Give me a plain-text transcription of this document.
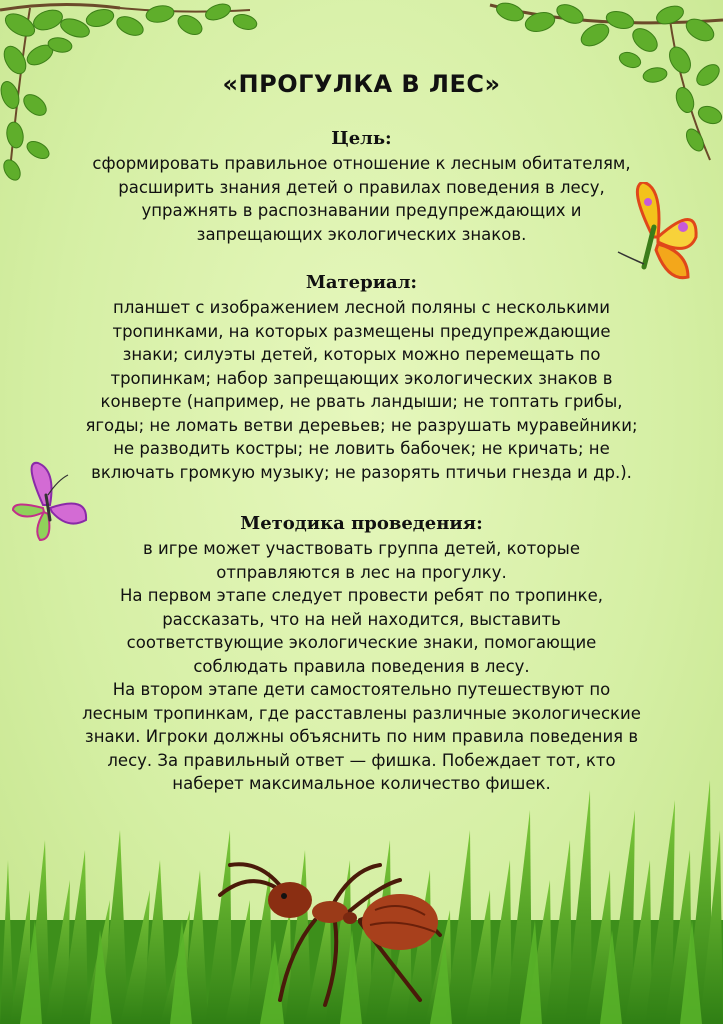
«ПРОГУЛКА В ЛЕС»
Цель:
сформировать правильное отношение к лесным обитателям,
расширить знания детей о правилах поведения в лесу,
упражнять в распознавании предупреждающих и
запрещающих экологических знаков.
Материал:
планшет с изображением лесной поляны с несколькими
тропинками, на которых размещены предупреждающие
знаки; силуэты детей, которых можно перемещать по
тропинкам; набор запрещающих экологических знаков в
конверте (например, не рвать ландыши; не топтать грибы,
ягоды; не ломать ветви деревьев; не разрушать муравейники;
не разводить костры; не ловить бабочек; не кричать; не
включать громкую музыку; не разорять птичьи гнезда и др.).
Методика проведения:
в игре может участвовать группа детей, которые
отправляются в лес на прогулку.
На первом этапе следует провести ребят по тропинке,
рассказать, что на ней находится, выставить
соответствующие экологические знаки, помогающие
соблюдать правила поведения в лесу.
На втором этапе дети самостоятельно путешествуют по
лесным тропинкам, где расставлены различные экологические
знаки. Игроки должны объяснить по ним правила поведения в
лесу. За правильный ответ — фишка. Побеждает тот, кто
наберет максимальное количество фишек.
